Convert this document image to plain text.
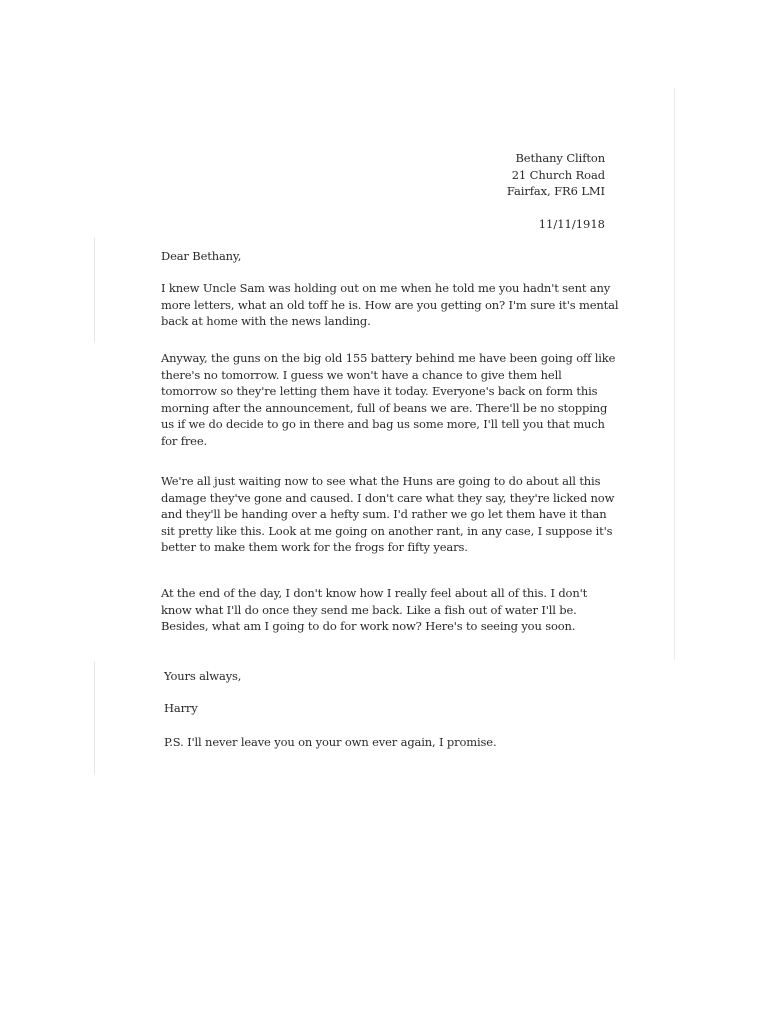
Bethany Clifton
21 Church Road
Fairfax, FR6 LMI
11/11/1918

Dear Bethany,

I knew Uncle Sam was holding out on me when he told me you hadn't sent any more letters, what an old toff he is. How are you getting on? I'm sure it's mental back at home with the news landing.

Anyway, the guns on the big old 155 battery behind me have been going off like there's no tomorrow. I guess we won't have a chance to give them hell tomorrow so they're letting them have it today. Everyone's back on form this morning after the announcement, full of beans we are. There'll be no stopping us if we do decide to go in there and bag us some more, I'll tell you that much for free.

We're all just waiting now to see what the Huns are going to do about all this damage they've gone and caused. I don't care what they say, they're licked now and they'll be handing over a hefty sum. I'd rather we go let them have it than sit pretty like this. Look at me going on another rant, in any case, I suppose it's better to make them work for the frogs for fifty years.

At the end of the day, I don't know how I really feel about all of this. I don't know what I'll do once they send me back. Like a fish out of water I'll be. Besides, what am I going to do for work now? Here's to seeing you soon.

Yours always,

Harry

P.S. I'll never leave you on your own ever again, I promise.
